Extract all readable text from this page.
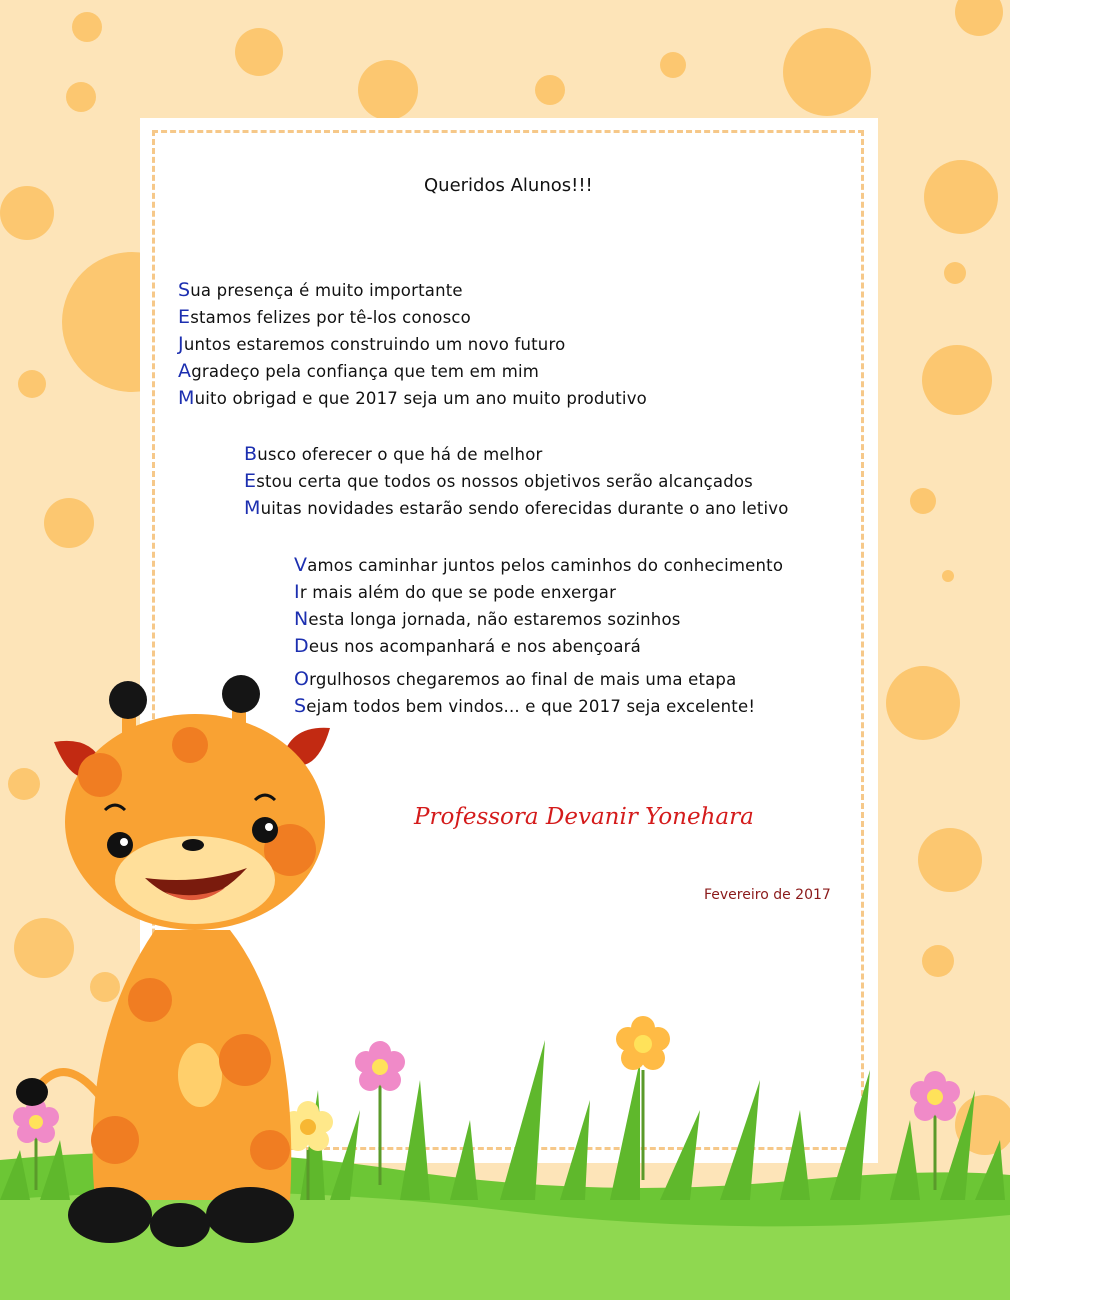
Queridos Alunos!!!
Sua presença é muito importante
Estamos felizes por tê-los conosco
Juntos estaremos construindo um novo futuro
Agradeço pela confiança que tem em mim
Muito obrigad e que 2017 seja um ano muito produtivo
Busco oferecer o que há de melhor
Estou certa que todos os nossos objetivos serão alcançados
Muitas novidades estarão sendo oferecidas durante o ano letivo
Vamos caminhar juntos pelos caminhos do conhecimento
Ir mais além do que se pode enxergar
Nesta longa jornada, não estaremos sozinhos
Deus nos acompanhará e nos abençoará
Orgulhosos chegaremos ao final de mais uma etapa
Sejam todos bem vindos... e que 2017 seja excelente!
Professora Devanir Yonehara
Fevereiro de 2017
